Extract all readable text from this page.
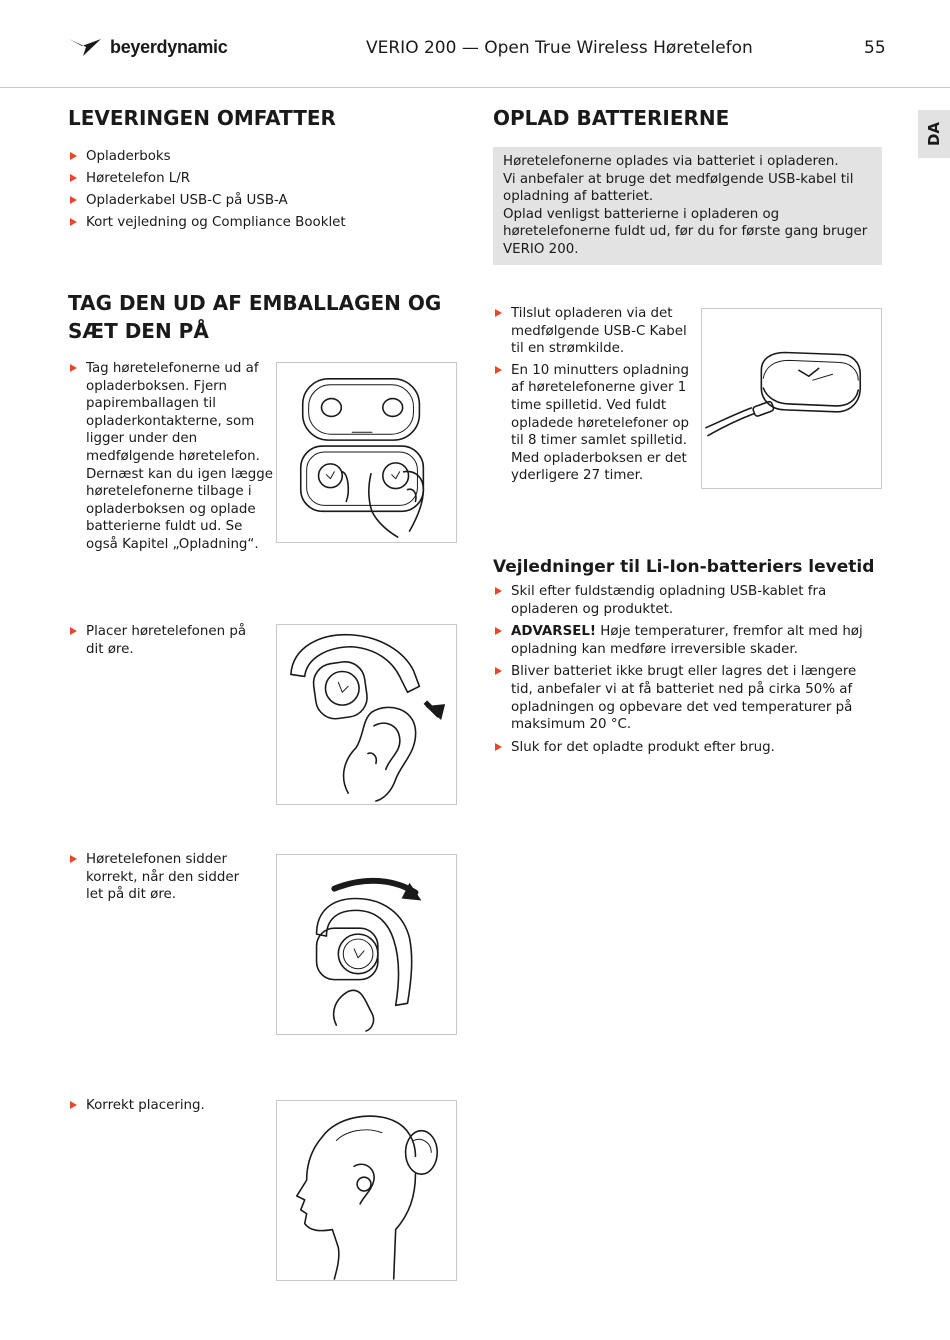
beyerdynamic	VERIO 200 — Open True Wireless Høretelefon	55
DA
LEVERINGEN OMFATTER
Opladerboks
Høretelefon L/R
Opladerkabel USB-C på USB-A
Kort vejledning og Compliance Booklet
TAG DEN UD AF EMBALLAGEN OG
SÆT DEN PÅ
Tag høretelefonerne ud af opladerboksen. Fjern papiremballagen til opladerkontakterne, som ligger under den medfølgende høretelefon. Dernæst kan du igen lægge høretelefonerne tilbage i opladerboksen og oplade batterierne fuldt ud. Se også Kapitel „Opladning“.
Placer høretelefonen på dit øre.
Høretelefonen sidder korrekt, når den sidder let på dit øre.
Korrekt placering.
OPLAD BATTERIERNE

Høretelefonerne oplades via batteriet i opladeren.

Vi anbefaler at bruge det medfølgende USB-kabel til opladning af batteriet.

Oplad venligst batterierne i opladeren og høretelefonerne fuldt ud, før du for første gang bruger VERIO 200.

Tilslut opladeren via det medfølgende USB-C Kabel til en strømkilde.
En 10 minutters opladning af høretelefonerne giver 1 time spilletid. Ved fuldt opladede høretelefoner op til 8 timer samlet spilletid. Med opladerboksen er det yderligere 27 timer.
Vejledninger til Li-Ion-batteriers levetid
Skil efter fuldstændig opladning USB-kablet fra opladeren og produktet.
ADVARSEL! Høje temperaturer, fremfor alt med høj opladning kan medføre irreversible skader.
Bliver batteriet ikke brugt eller lagres det i længere tid, anbefaler vi at få batteriet ned på cirka 50% af opladningen og opbevare det ved temperaturer på maksimum 20 °C.
Sluk for det opladte produkt efter brug.
